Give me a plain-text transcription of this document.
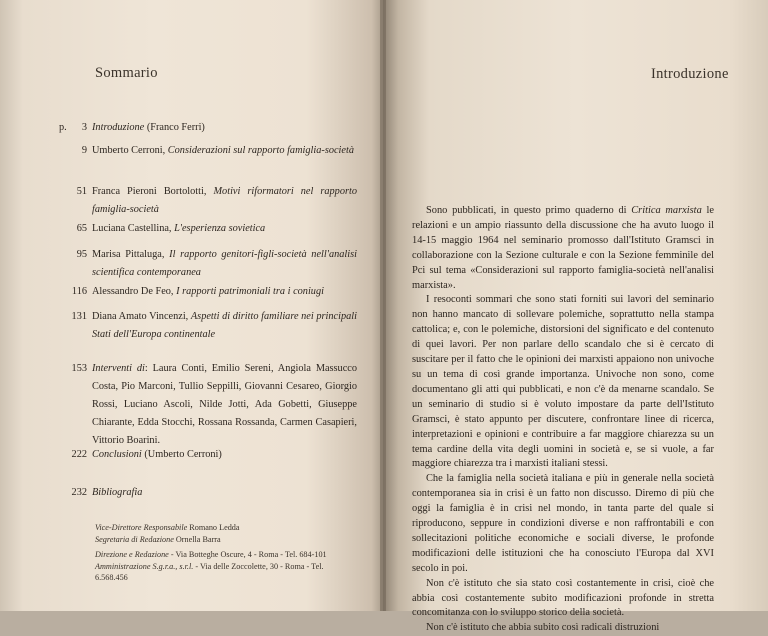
Sommario
p.	3 Introduzione (Franco Ferri)
9 Umberto Cerroni, Considerazioni sul rapporto famiglia-società
51 Franca Pieroni Bortolotti, Motivi riformatori nel rapporto famiglia-società
65 Luciana Castellina, L'esperienza sovietica
95 Marisa Pittaluga, Il rapporto genitori-figli-società nell'analisi scientifica contemporanea
116 Alessandro De Feo, I rapporti patrimoniali tra i coniugi
131 Diana Amato Vincenzi, Aspetti di diritto familiare nei principali Stati dell'Europa continentale
153 Interventi di: Laura Conti, Emilio Sereni, Angiola Massucco Costa, Pio Marconi, Tullio Seppilli, Giovanni Cesareo, Giorgio Rossi, Luciano Ascoli, Nilde Jotti, Ada Gobetti, Giuseppe Chiarante, Edda Stocchi, Rossana Rossanda, Carmen Casapieri, Vittorio Boarini.
222 Conclusioni (Umberto Cerroni)
232 Bibliografia
Vice-Direttore Responsabile Romano Ledda
Segretaria di Redazione Ornella Barra
Direzione e Redazione - Via Botteghe Oscure, 4 - Roma - Tel. 684-101
Amministrazione S.g.r.a., s.r.l. - Via delle Zoccolette, 30 - Roma - Tel. 6.568.456
Introduzione

Sono pubblicati, in questo primo quaderno di Critica marxista le relazioni e un ampio riassunto della discussione che ha avuto luogo il 14-15 maggio 1964 nel seminario promosso dall'Istituto Gramsci in collaborazione con la Sezione culturale e con la Sezione femminile del Pci sul tema «Considerazioni sul rapporto famiglia-società nell'analisi marxista».

I resoconti sommari che sono stati forniti sui lavori del seminario non hanno mancato di sollevare polemiche, soprattutto nella stampa cattolica; e, con le polemiche, distorsioni del significato e del contenuto di quei lavori. Per non parlare dello scandalo che si è cercato di suscitare per il fatto che le opinioni dei marxisti appaiono non univoche su un tema di così grande importanza. Univoche non sono, come documentano gli atti qui pubblicati, e non c'è da menarne scandalo. Se un seminario di studio si è voluto impostare da parte dell'Istituto Gramsci, è stato appunto per discutere, confrontare linee di ricerca, interpretazioni e opinioni e contribuire a far maggiore chiarezza su un tema cardine della vita degli uomini in società e, se si vuole, a far maggiore chiarezza tra i marxisti italiani stessi.

Che la famiglia nella società italiana e più in generale nella società contemporanea sia in crisi è un fatto non discusso. Diremo di più che oggi la famiglia è in crisi nel mondo, in tanta parte del quale si riproducono, seppure in condizioni diverse e non raffrontabili e con sollecitazioni politiche economiche e sociali diverse, le profonde modificazioni delle istituzioni che ha conosciuto l'Europa dal XVI secolo in poi.

Non c'è istituto che sia stato così costantemente in crisi, cioè che abbia così costantemente subito modificazioni profonde in stretta concomitanza con lo sviluppo storico della società.

Non c'è istituto che abbia subito così radicali distruzioni
